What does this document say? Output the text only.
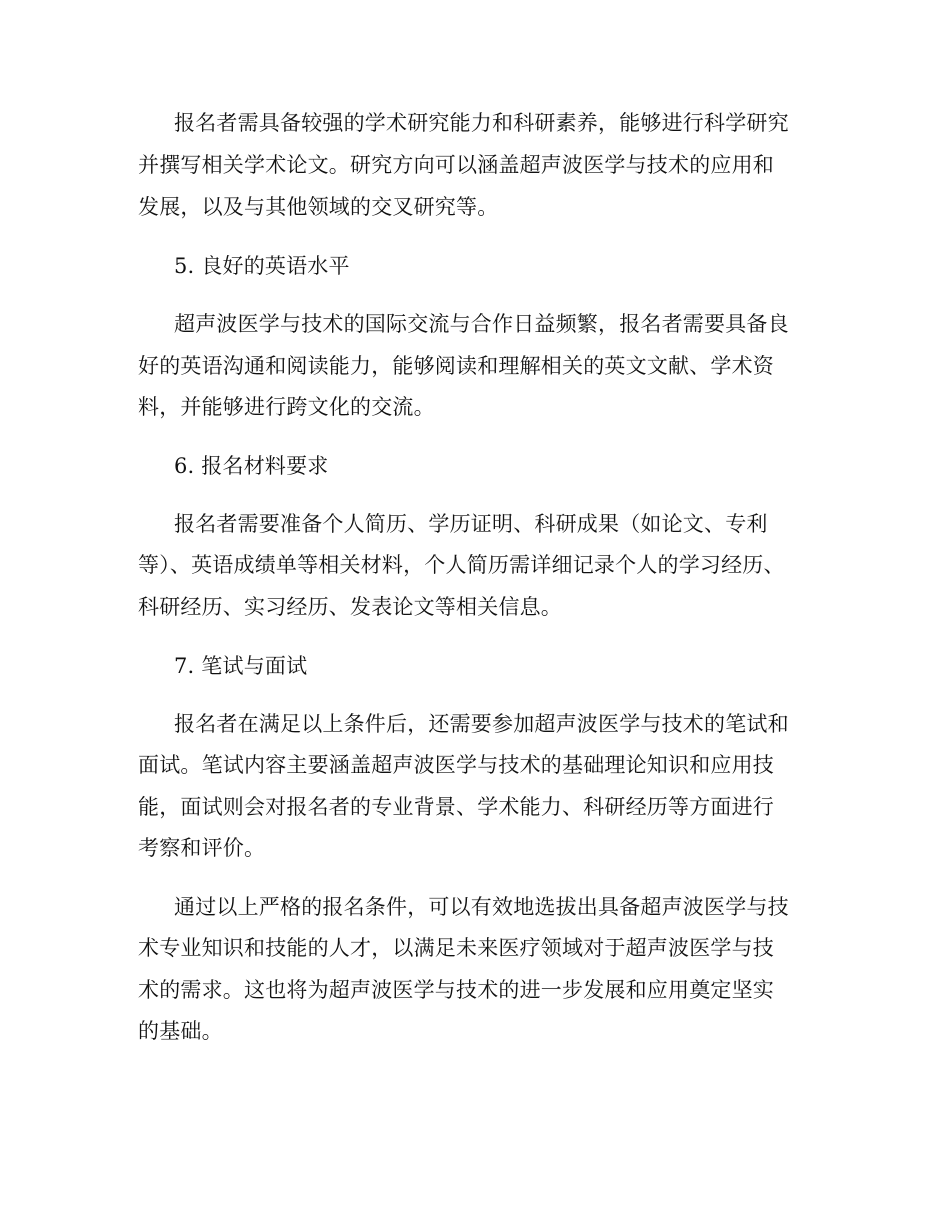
报名者需具备较强的学术研究能力和科研素养，能够进行科学研究
并撰写相关学术论文。研究方向可以涵盖超声波医学与技术的应用和
发展，以及与其他领域的交叉研究等。
5. 良好的英语水平
超声波医学与技术的国际交流与合作日益频繁，报名者需要具备良
好的英语沟通和阅读能力，能够阅读和理解相关的英文文献、学术资
料，并能够进行跨文化的交流。
6. 报名材料要求
报名者需要准备个人简历、学历证明、科研成果（如论文、专利
等）、英语成绩单等相关材料，个人简历需详细记录个人的学习经历、
科研经历、实习经历、发表论文等相关信息。
7. 笔试与面试
报名者在满足以上条件后，还需要参加超声波医学与技术的笔试和
面试。笔试内容主要涵盖超声波医学与技术的基础理论知识和应用技
能，面试则会对报名者的专业背景、学术能力、科研经历等方面进行
考察和评价。
通过以上严格的报名条件，可以有效地选拔出具备超声波医学与技
术专业知识和技能的人才，以满足未来医疗领域对于超声波医学与技
术的需求。这也将为超声波医学与技术的进一步发展和应用奠定坚实
的基础。
